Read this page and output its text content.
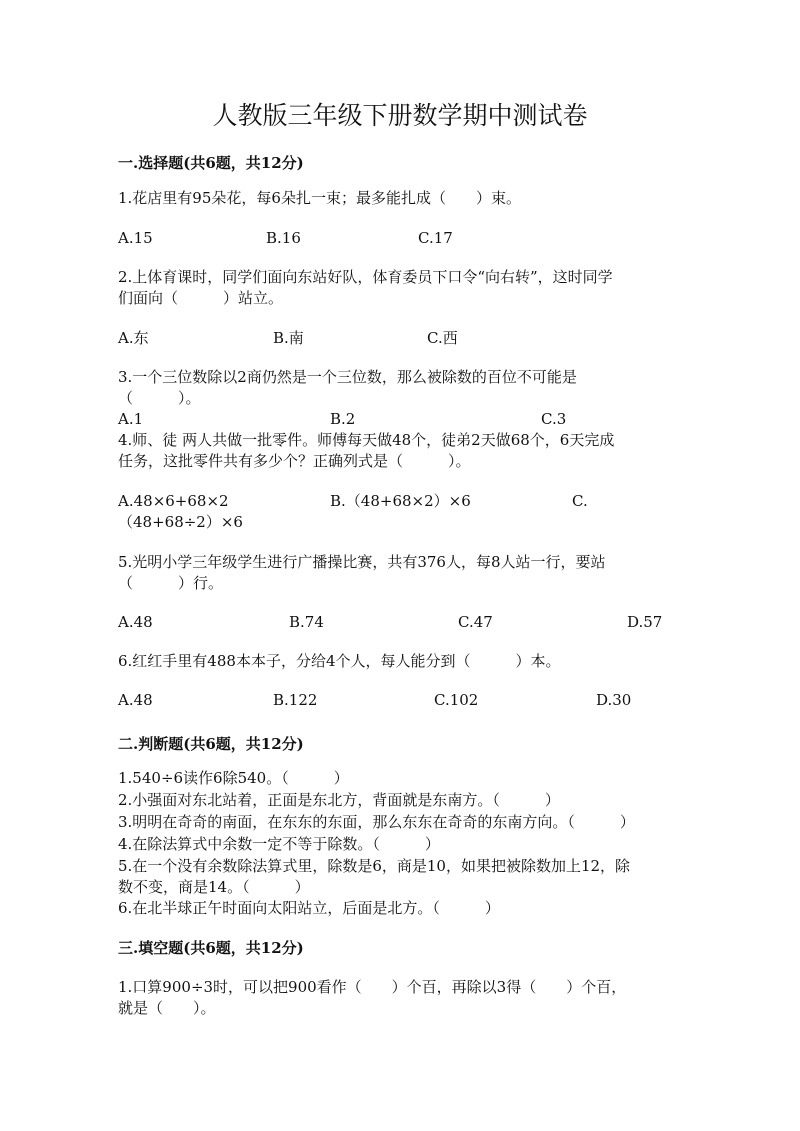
人教版三年级下册数学期中测试卷
一.选择题(共6题，共12分)
1.花店里有95朵花，每6朵扎一束；最多能扎成（　　）束。
A.15	B.16	C.17
2.上体育课时，同学们面向东站好队，体育委员下口令“向右转”，这时同学
们面向（　　　）站立。
A.东	B.南	C.西
3.一个三位数除以2商仍然是一个三位数，那么被除数的百位不可能是
（　　　）。
A.1	B.2	C.3
4.师、徒 两人共做一批零件。师傅每天做48个，徒弟2天做68个，6天完成
任务，这批零件共有多少个？正确列式是（　　　）。
A.48×6+68×2	B.（48+68×2）×6	C.
（48+68÷2）×6
5.光明小学三年级学生进行广播操比赛，共有376人，每8人站一行，要站
（　　　）行。
A.48	B.74	C.47	D.57
6.红红手里有488本本子，分给4个人，每人能分到（　　　）本。
A.48	B.122	C.102	D.30
二.判断题(共6题，共12分)
1.540÷6读作6除540。（　　　）
2.小强面对东北站着，正面是东北方，背面就是东南方。（　　　）
3.明明在奇奇的南面，在东东的东面，那么东东在奇奇的东南方向。（　　　）
4.在除法算式中余数一定不等于除数。（　　　）
5.在一个没有余数除法算式里，除数是6，商是10，如果把被除数加上12，除
数不变，商是14。（　　　）
6.在北半球正午时面向太阳站立，后面是北方。（　　　）
三.填空题(共6题，共12分)
1.口算900÷3时，可以把900看作（　　）个百，再除以3得（　　）个百，
就是（　　）。
